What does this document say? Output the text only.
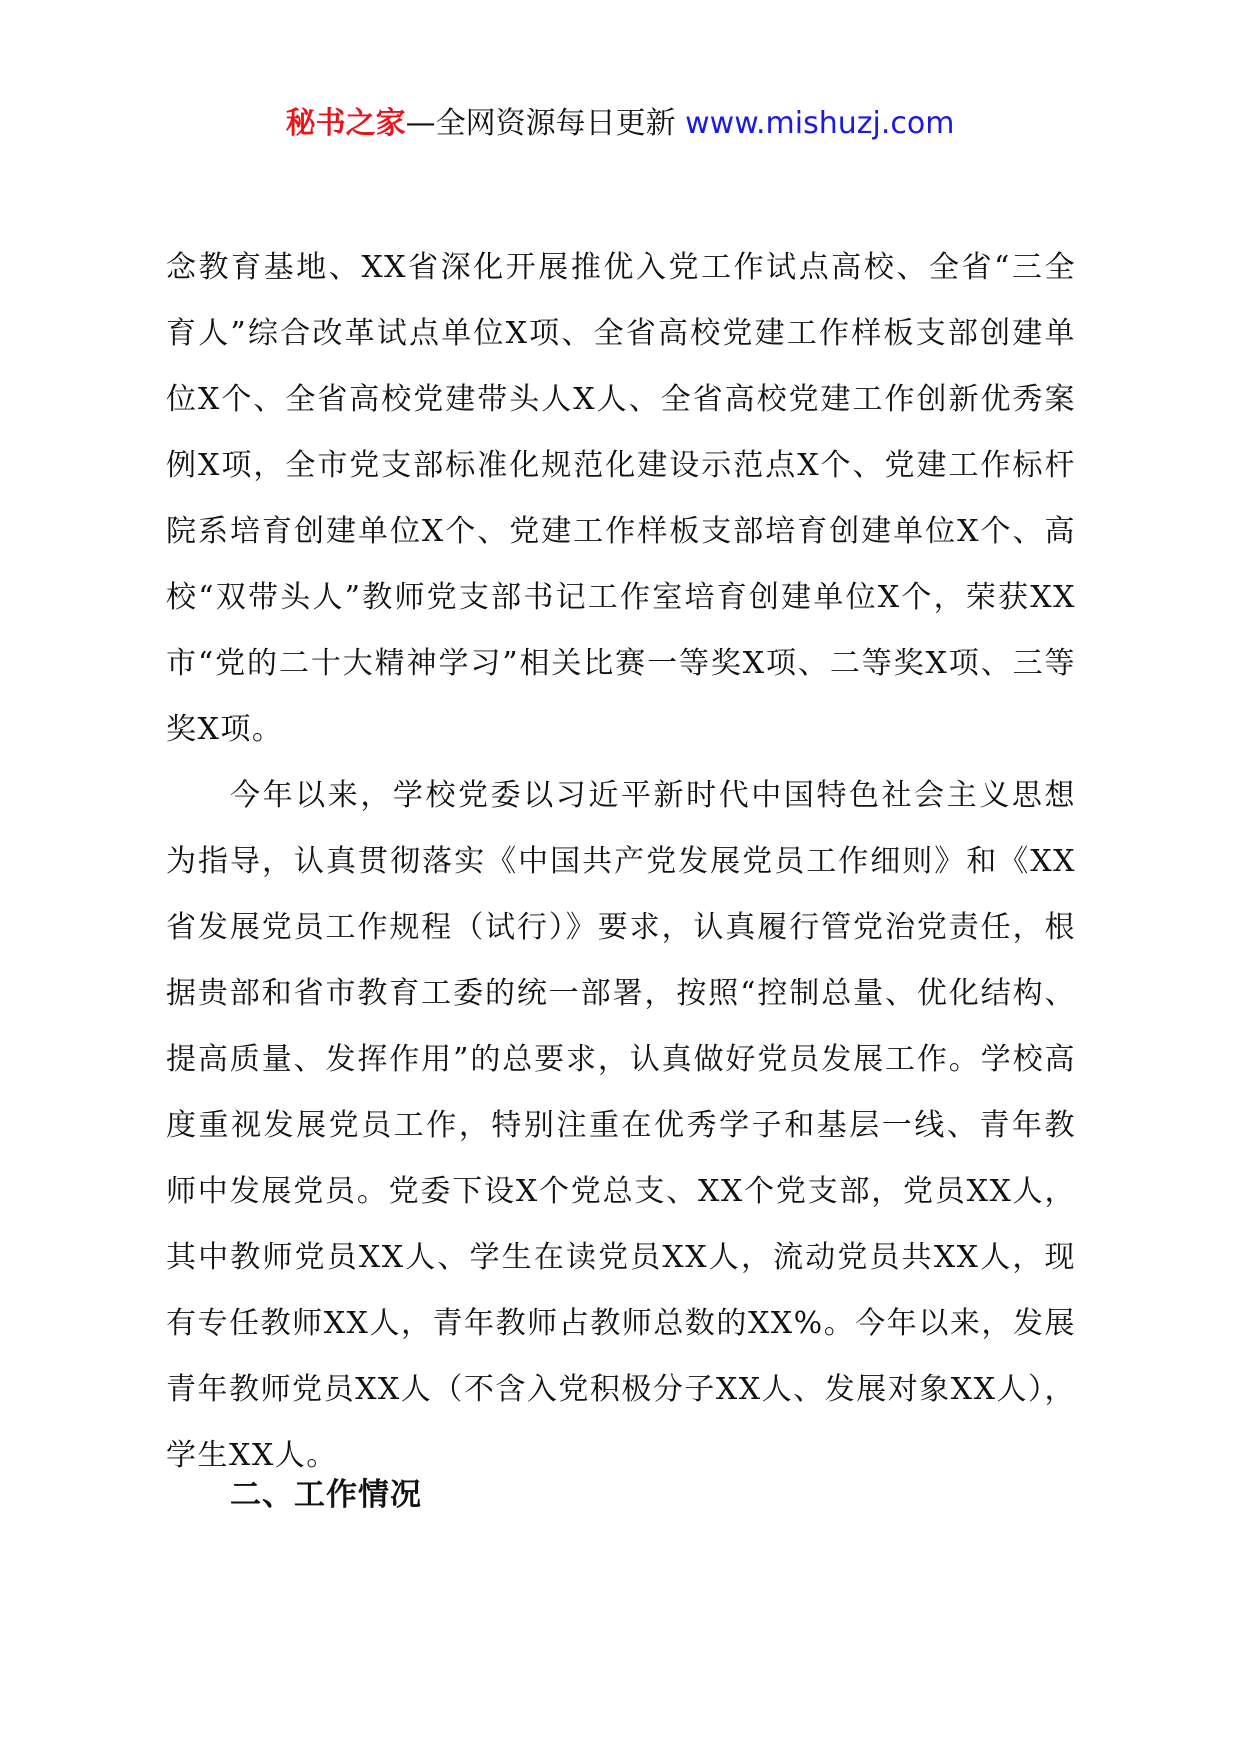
秘书之家—全网资源每日更新 www.mishuzj.com

念教育基地、XX省深化开展推优入党工作试点高校、全省“三全育人”综合改革试点单位X项、全省高校党建工作样板支部创建单位X个、全省高校党建带头人X人、全省高校党建工作创新优秀案例X项，全市党支部标准化规范化建设示范点X个、党建工作标杆院系培育创建单位X个、党建工作样板支部培育创建单位X个、高校“双带头人”教师党支部书记工作室培育创建单位X个，荣获XX市“党的二十大精神学习”相关比赛一等奖X项、二等奖X项、三等奖X项。

今年以来，学校党委以习近平新时代中国特色社会主义思想为指导，认真贯彻落实《中国共产党发展党员工作细则》和《XX省发展党员工作规程（试行）》要求，认真履行管党治党责任，根据贵部和省市教育工委的统一部署，按照“控制总量、优化结构、提高质量、发挥作用”的总要求，认真做好党员发展工作。学校高度重视发展党员工作，特别注重在优秀学子和基层一线、青年教师中发展党员。党委下设X个党总支、XX个党支部，党员XX人，其中教师党员XX人、学生在读党员XX人，流动党员共XX人，现有专任教师XX人，青年教师占教师总数的XX%。今年以来，发展青年教师党员XX人（不含入党积极分子XX人、发展对象XX人），学生XX人。

二、工作情况
